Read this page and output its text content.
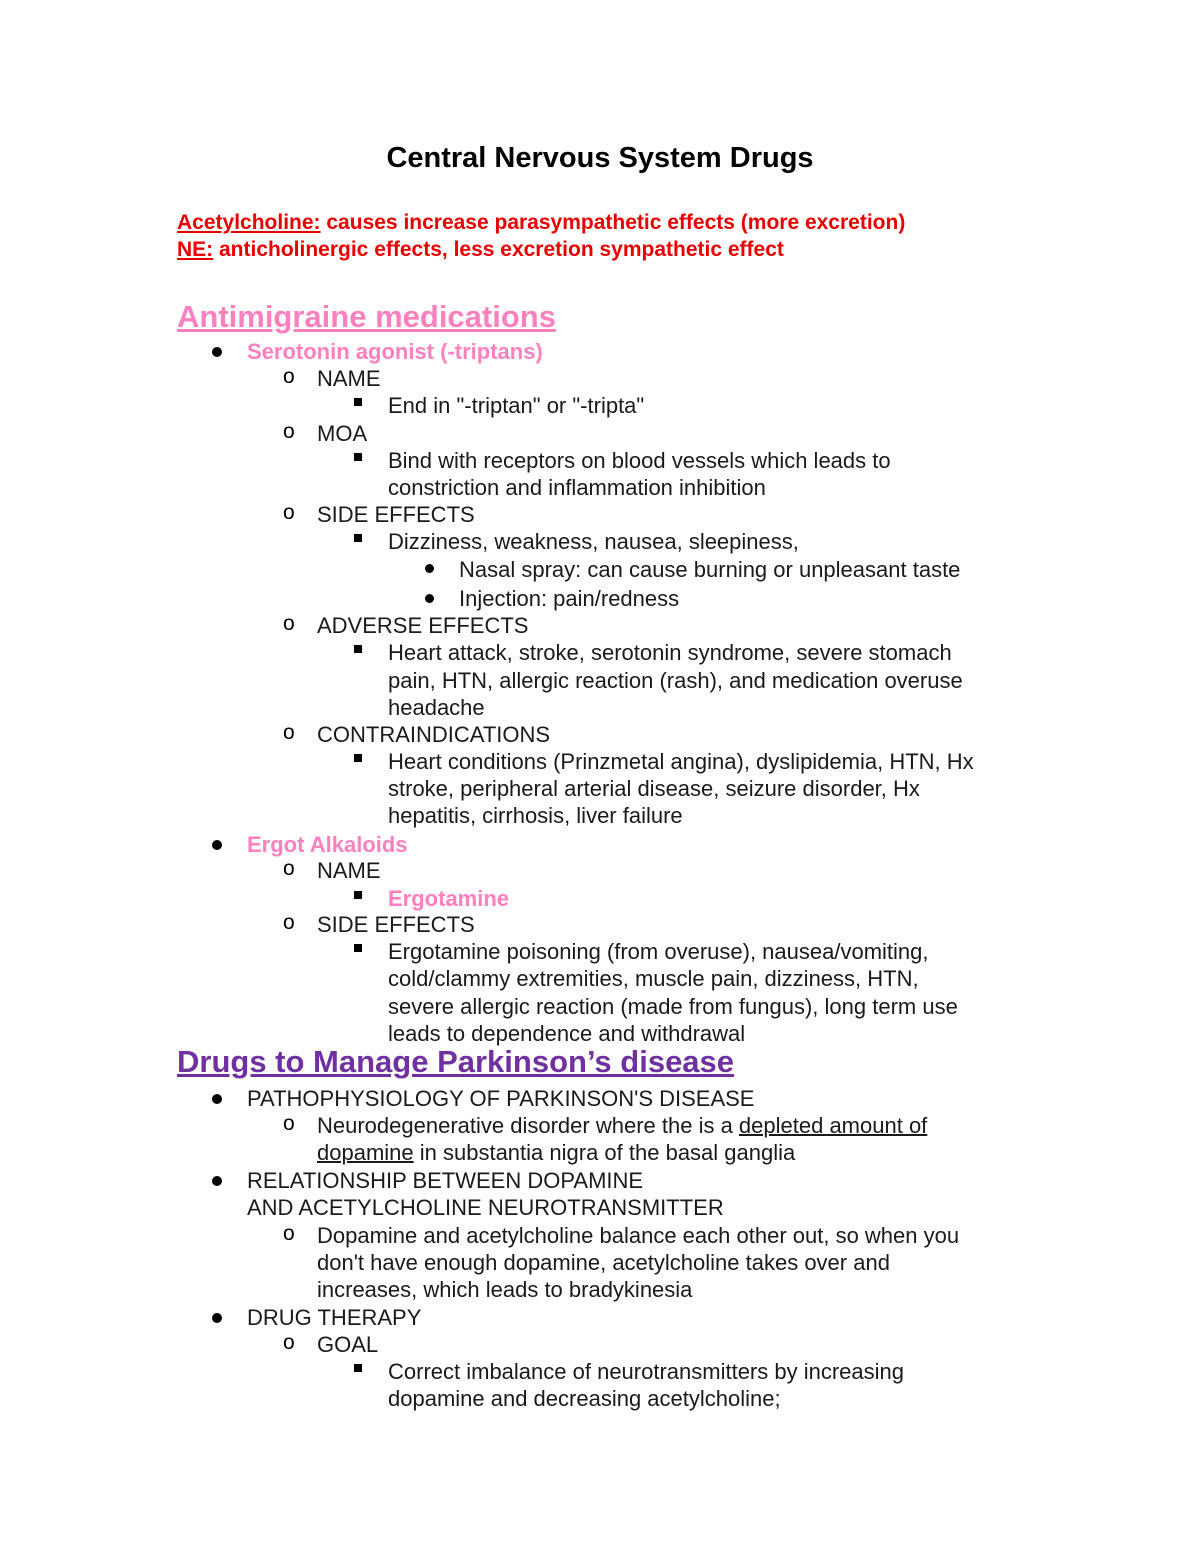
Central Nervous System Drugs
Acetylcholine: causes increase parasympathetic effects (more excretion)
NE: anticholinergic effects, less excretion sympathetic effect
Antimigraine medications
Serotonin agonist (-triptans)
o NAME
End in "-triptan" or "-tripta"
o MOA
Bind with receptors on blood vessels which leads to
constriction and inflammation inhibition
o SIDE EFFECTS
Dizziness, weakness, nausea, sleepiness,
Nasal spray: can cause burning or unpleasant taste
Injection: pain/redness
o ADVERSE EFFECTS
Heart attack, stroke, serotonin syndrome, severe stomach
pain, HTN, allergic reaction (rash), and medication overuse
headache
o CONTRAINDICATIONS
Heart conditions (Prinzmetal angina), dyslipidemia, HTN, Hx
stroke, peripheral arterial disease, seizure disorder, Hx
hepatitis, cirrhosis, liver failure
Ergot Alkaloids
o NAME
Ergotamine
o SIDE EFFECTS
Ergotamine poisoning (from overuse), nausea/vomiting,
cold/clammy extremities, muscle pain, dizziness, HTN,
severe allergic reaction (made from fungus), long term use
leads to dependence and withdrawal
Drugs to Manage Parkinson’s disease
PATHOPHYSIOLOGY OF PARKINSON'S DISEASE
o Neurodegenerative disorder where the is a depleted amount of
dopamine in substantia nigra of the basal ganglia
RELATIONSHIP BETWEEN DOPAMINE
AND ACETYLCHOLINE NEUROTRANSMITTER
o Dopamine and acetylcholine balance each other out, so when you
don't have enough dopamine, acetylcholine takes over and
increases, which leads to bradykinesia
DRUG THERAPY
o GOAL
Correct imbalance of neurotransmitters by increasing
dopamine and decreasing acetylcholine;
